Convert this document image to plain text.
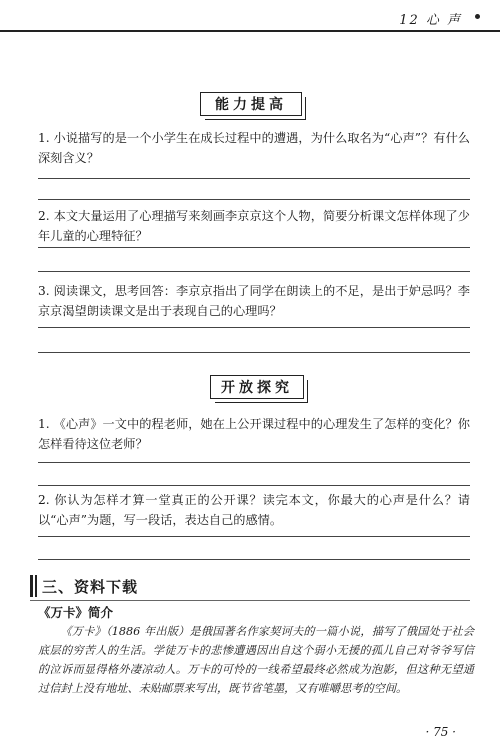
12 心 声
能力提高
1. 小说描写的是一个小学生在成长过程中的遭遇，为什么取名为“心声”？有什么深刻含义？
2. 本文大量运用了心理描写来刻画李京京这个人物，简要分析课文怎样体现了少年儿童的心理特征？
3. 阅读课文，思考回答：李京京指出了同学在朗读上的不足，是出于妒忌吗？李京京渴望朗读课文是出于表现自己的心理吗？
开放探究
1. 《心声》一文中的程老师，她在上公开课过程中的心理发生了怎样的变化？你怎样看待这位老师？
2. 你认为怎样才算一堂真正的公开课？读完本文，你最大的心声是什么？请以“心声”为题，写一段话，表达自己的感情。
三、资料下载
《万卡》简介
《万卡》（1886 年出版）是俄国著名作家契诃夫的一篇小说，描写了俄国处于社会底层的穷苦人的生活。学徒万卡的悲惨遭遇因出自这个弱小无援的孤儿自己对爷爷写信的泣诉而显得格外凄凉动人。万卡的可怜的一线希望最终必然成为泡影，但这种无望通过信封上没有地址、未贴邮票来写出，既节省笔墨，又有唯嚼思考的空间。
· 75 ·
